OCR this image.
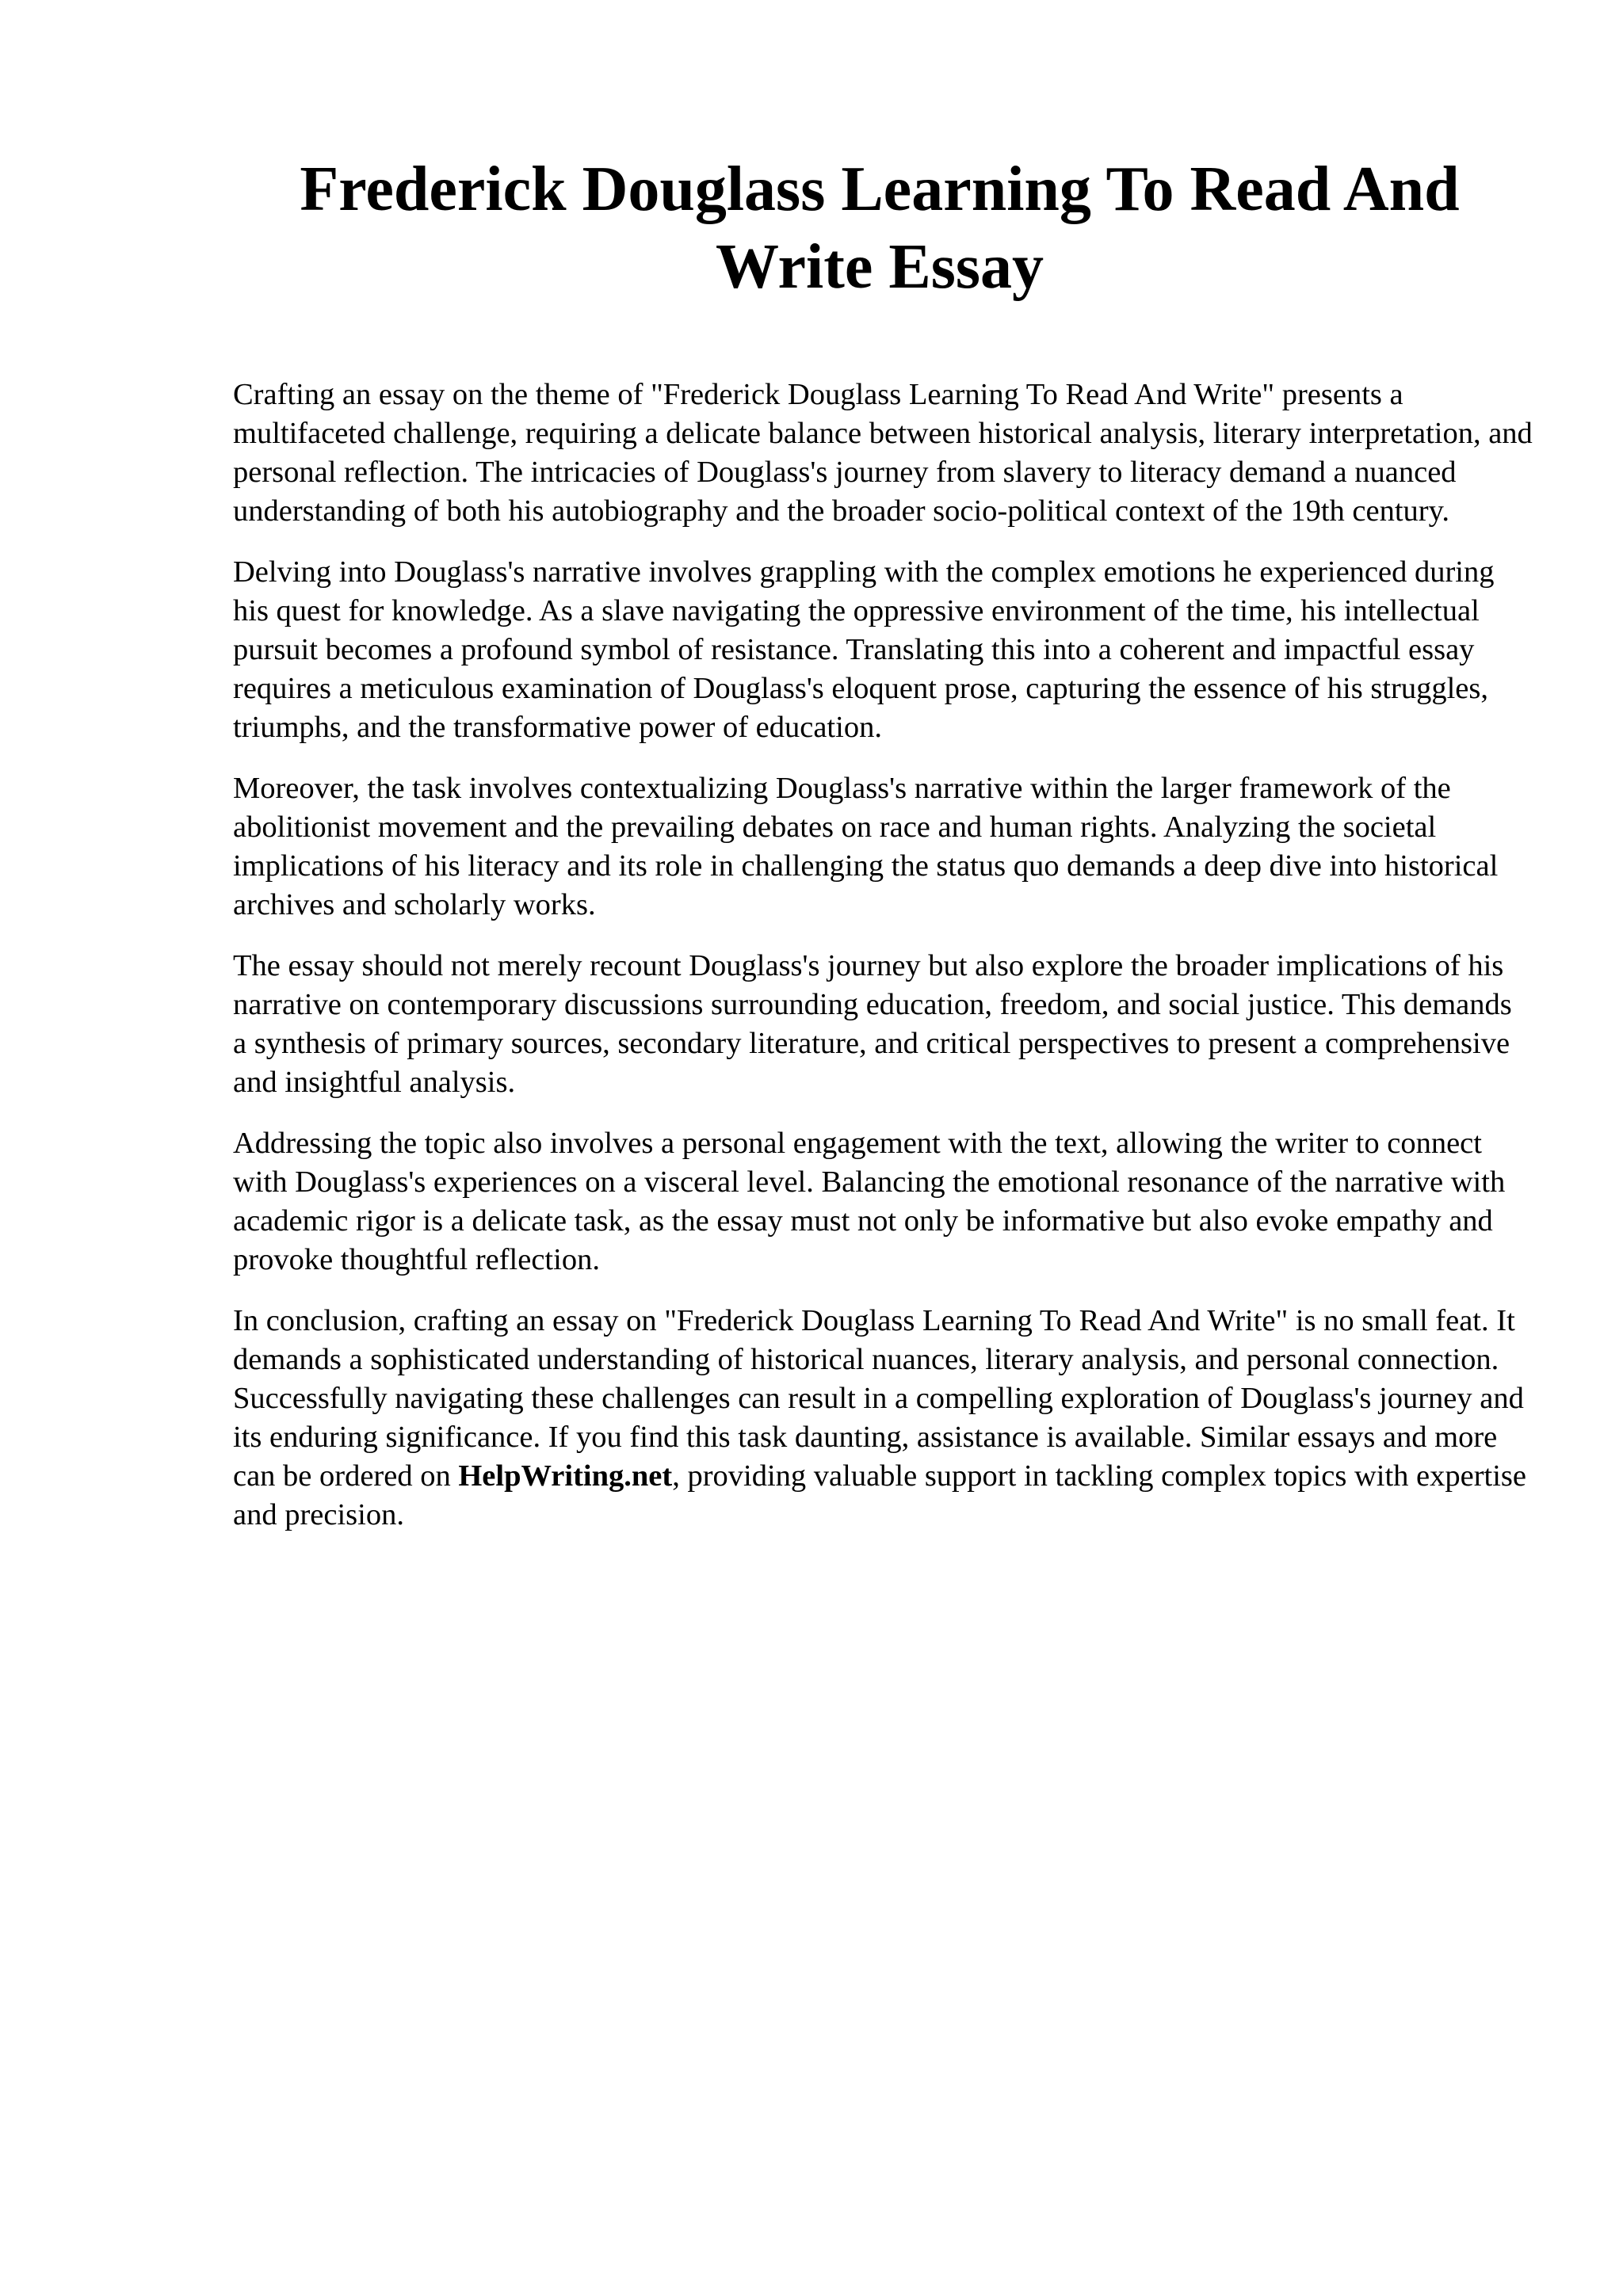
Frederick Douglass Learning To Read And Write Essay

Crafting an essay on the theme of "Frederick Douglass Learning To Read And Write" presents a multifaceted challenge, requiring a delicate balance between historical analysis, literary interpretation, and personal reflection. The intricacies of Douglass's journey from slavery to literacy demand a nuanced understanding of both his autobiography and the broader socio-political context of the 19th century.

Delving into Douglass's narrative involves grappling with the complex emotions he experienced during his quest for knowledge. As a slave navigating the oppressive environment of the time, his intellectual pursuit becomes a profound symbol of resistance. Translating this into a coherent and impactful essay requires a meticulous examination of Douglass's eloquent prose, capturing the essence of his struggles, triumphs, and the transformative power of education.

Moreover, the task involves contextualizing Douglass's narrative within the larger framework of the abolitionist movement and the prevailing debates on race and human rights. Analyzing the societal implications of his literacy and its role in challenging the status quo demands a deep dive into historical archives and scholarly works.

The essay should not merely recount Douglass's journey but also explore the broader implications of his narrative on contemporary discussions surrounding education, freedom, and social justice. This demands a synthesis of primary sources, secondary literature, and critical perspectives to present a comprehensive and insightful analysis.

Addressing the topic also involves a personal engagement with the text, allowing the writer to connect with Douglass's experiences on a visceral level. Balancing the emotional resonance of the narrative with academic rigor is a delicate task, as the essay must not only be informative but also evoke empathy and provoke thoughtful reflection.

In conclusion, crafting an essay on "Frederick Douglass Learning To Read And Write" is no small feat. It demands a sophisticated understanding of historical nuances, literary analysis, and personal connection. Successfully navigating these challenges can result in a compelling exploration of Douglass's journey and its enduring significance. If you find this task daunting, assistance is available. Similar essays and more can be ordered on HelpWriting.net, providing valuable support in tackling complex topics with expertise and precision.
